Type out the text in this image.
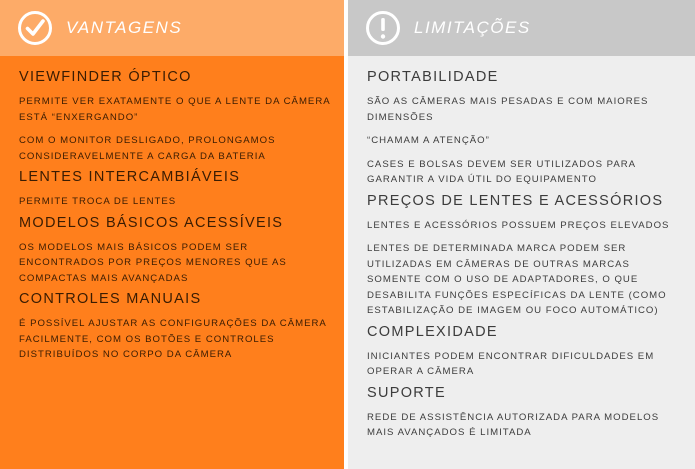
VANTAGENS
VIEWFINDER ÓPTICO
PERMITE VER EXATAMENTE O QUE A LENTE DA CÂMERA ESTÁ “ENXERGANDO”
COM O MONITOR DESLIGADO, PROLONGAMOS CONSIDERAVELMENTE A CARGA DA BATERIA
LENTES INTERCAMBIÁVEIS
PERMITE TROCA DE LENTES
MODELOS BÁSICOS ACESSÍVEIS
OS MODELOS MAIS BÁSICOS PODEM SER ENCONTRADOS POR PREÇOS MENORES QUE AS COMPACTAS MAIS AVANÇADAS
CONTROLES MANUAIS
É POSSÍVEL AJUSTAR AS CONFIGURAÇÕES DA CÂMERA FACILMENTE, COM OS BOTÕES E CONTROLES DISTRIBUÍDOS NO CORPO DA CÂMERA
LIMITAÇÕES
PORTABILIDADE
SÃO AS CÂMERAS MAIS PESADAS E COM MAIORES DIMENSÕES
“CHAMAM A ATENÇÃO”
CASES E BOLSAS DEVEM SER UTILIZADOS PARA GARANTIR A VIDA ÚTIL DO EQUIPAMENTO
PREÇOS DE LENTES E ACESSÓRIOS
LENTES E ACESSÓRIOS POSSUEM PREÇOS ELEVADOS
LENTES DE DETERMINADA MARCA PODEM SER UTILIZADAS EM CÂMERAS DE OUTRAS MARCAS SOMENTE COM O USO DE ADAPTADORES, O QUE DESABILITA FUNÇÕES ESPECÍFICAS DA LENTE (COMO ESTABILIZAÇÃO DE IMAGEM OU FOCO AUTOMÁTICO)
COMPLEXIDADE
INICIANTES PODEM ENCONTRAR DIFICULDADES EM OPERAR A CÂMERA
SUPORTE
REDE DE ASSISTÊNCIA AUTORIZADA PARA MODELOS MAIS AVANÇADOS É LIMITADA
